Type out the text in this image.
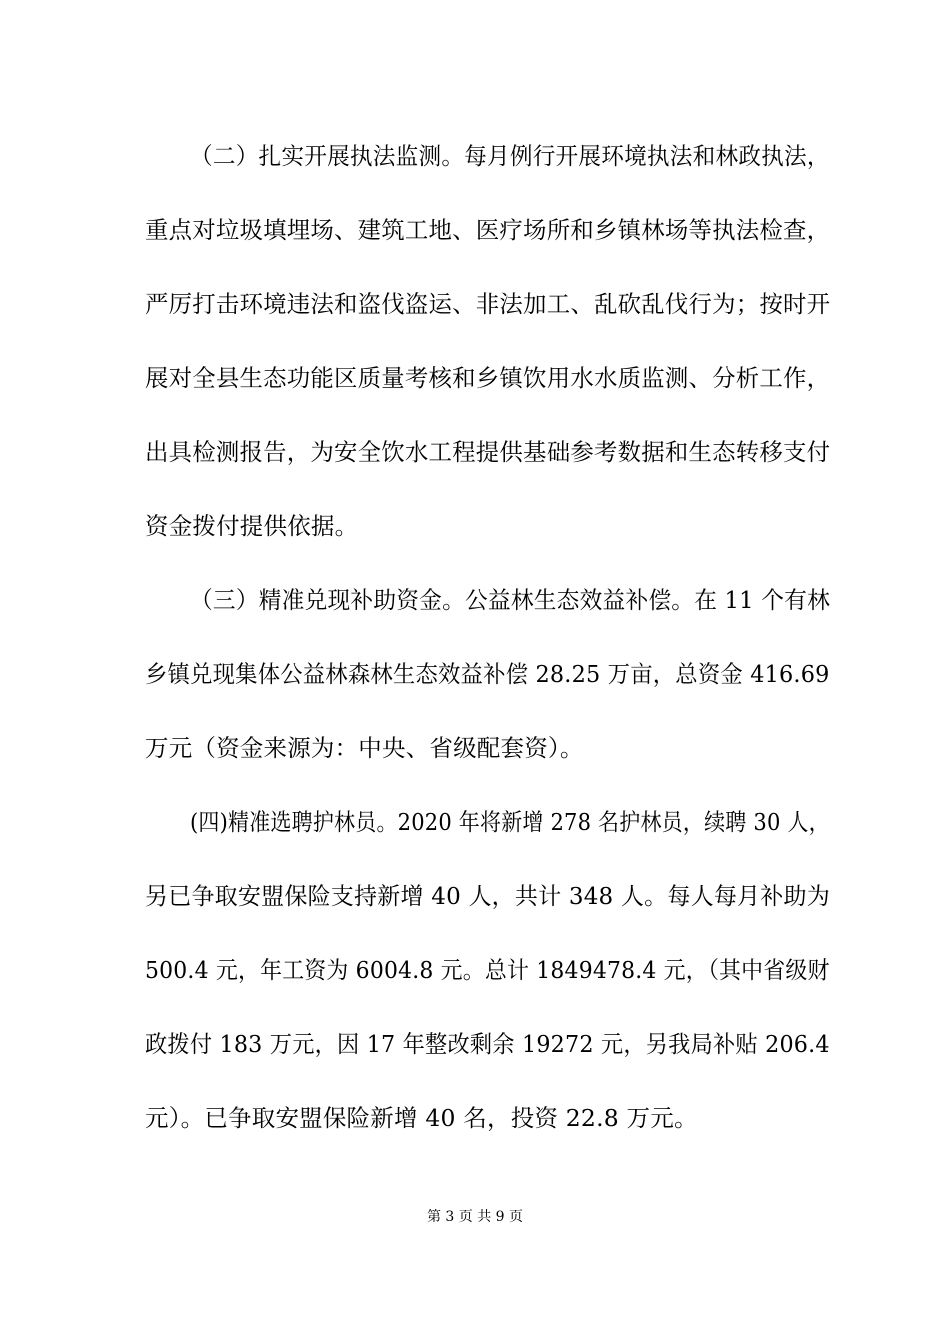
（二）扎实开展执法监测。每月例行开展环境执法和林政执法，
重点对垃圾填埋场、建筑工地、医疗场所和乡镇林场等执法检查，
严厉打击环境违法和盗伐盗运、非法加工、乱砍乱伐行为；按时开
展对全县生态功能区质量考核和乡镇饮用水水质监测、分析工作，
出具检测报告，为安全饮水工程提供基础参考数据和生态转移支付
资金拨付提供依据。
（三）精准兑现补助资金。公益林生态效益补偿。在 11 个有林
乡镇兑现集体公益林森林生态效益补偿 28.25 万亩，总资金 416.69
万元（资金来源为：中央、省级配套资）。
(四)精准选聘护林员。2020 年将新增 278 名护林员，续聘 30 人，
另已争取安盟保险支持新增 40 人，共计 348 人。每人每月补助为
500.4 元，年工资为 6004.8 元。总计 1849478.4 元，（其中省级财
政拨付 183 万元，因 17 年整改剩余 19272 元，另我局补贴 206.4
元）。已争取安盟保险新增 40 名，投资 22.8 万元。
第 3 页 共 9 页
